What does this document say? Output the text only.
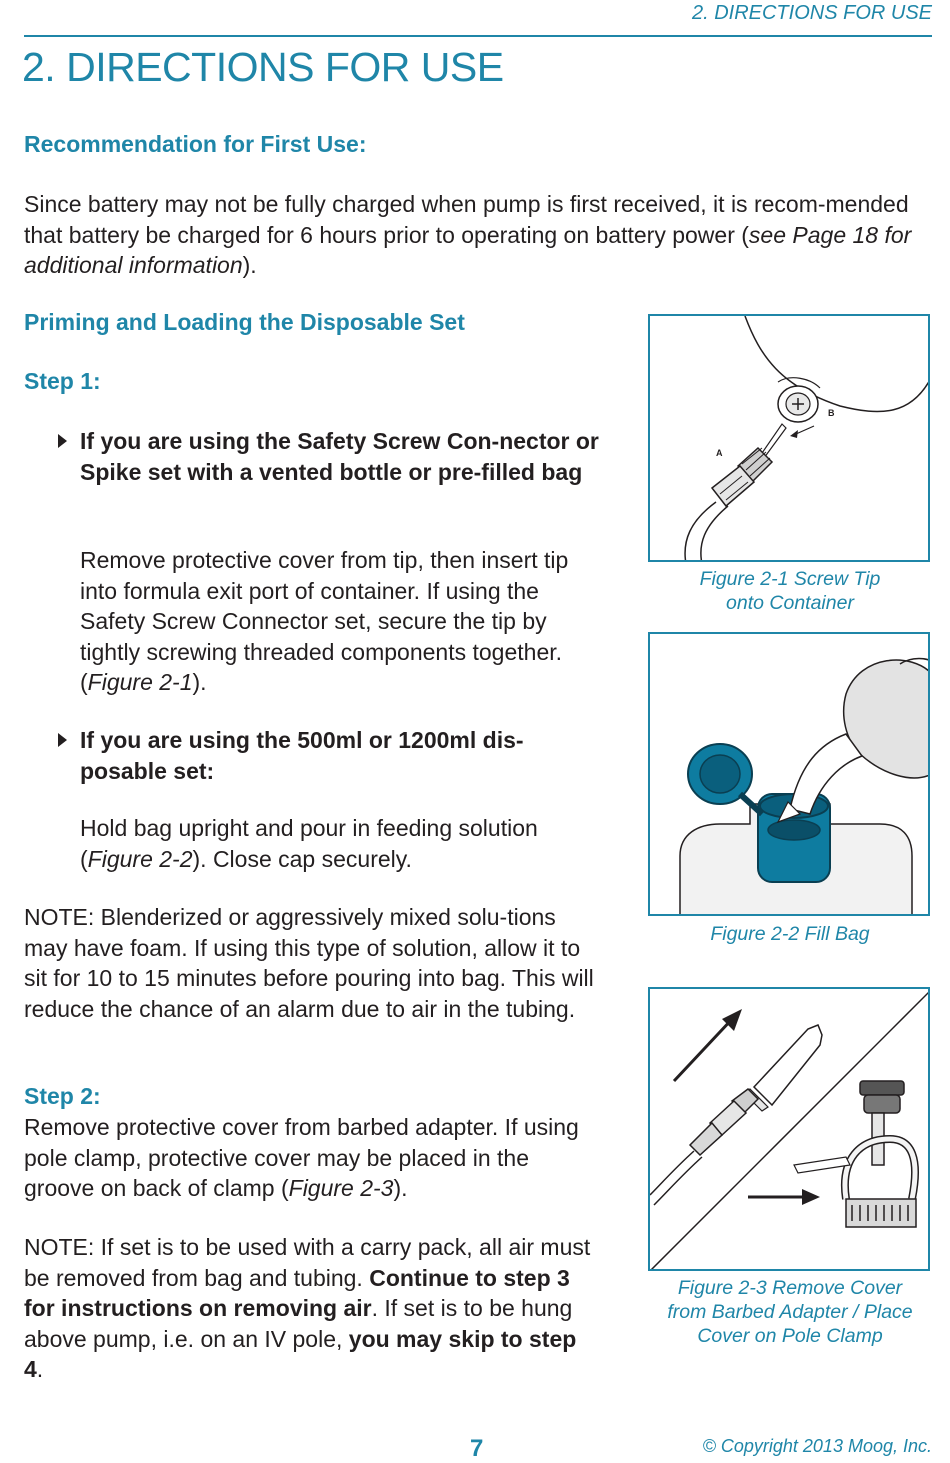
2. DIRECTIONS FOR USE
2. DIRECTIONS FOR USE
Recommendation for First Use:
Since battery may not be fully charged when pump is first received, it is recom-mended that battery be charged for 6 hours prior to operating on battery power (see Page 18 for additional information).
Priming and Loading the Disposable Set
Step 1:
If you are using the Safety Screw Con-nector or Spike set with a vented bottle or pre-filled bag
Remove protective cover from tip, then insert tip into formula exit port of container. If using the Safety Screw Connector set, secure the tip by tightly screwing threaded components together. (Figure 2-1).
If you are using the 500ml or 1200ml dis-posable set:
Hold bag upright and pour in feeding solution (Figure 2-2). Close cap securely.
NOTE: Blenderized or aggressively mixed solu-tions may have foam. If using this type of solution, allow it to sit for 10 to 15 minutes before pouring into bag. This will reduce the chance of an alarm due to air in the tubing.
Step 2:
Remove protective cover from barbed adapter. If using pole clamp, protective cover may be placed in the groove on back of clamp (Figure 2-3).
NOTE: If set is to be used with a carry pack, all air must be removed from bag and tubing. Continue to step 3 for instructions on removing air. If set is to be hung above pump, i.e. on an IV pole, you may skip to step 4.
B
A
Figure 2-1 Screw Tip
onto Container
Figure 2-2 Fill Bag
Figure 2-3 Remove Cover
from Barbed Adapter / Place
Cover on Pole Clamp
7	© Copyright 2013 Moog, Inc.
